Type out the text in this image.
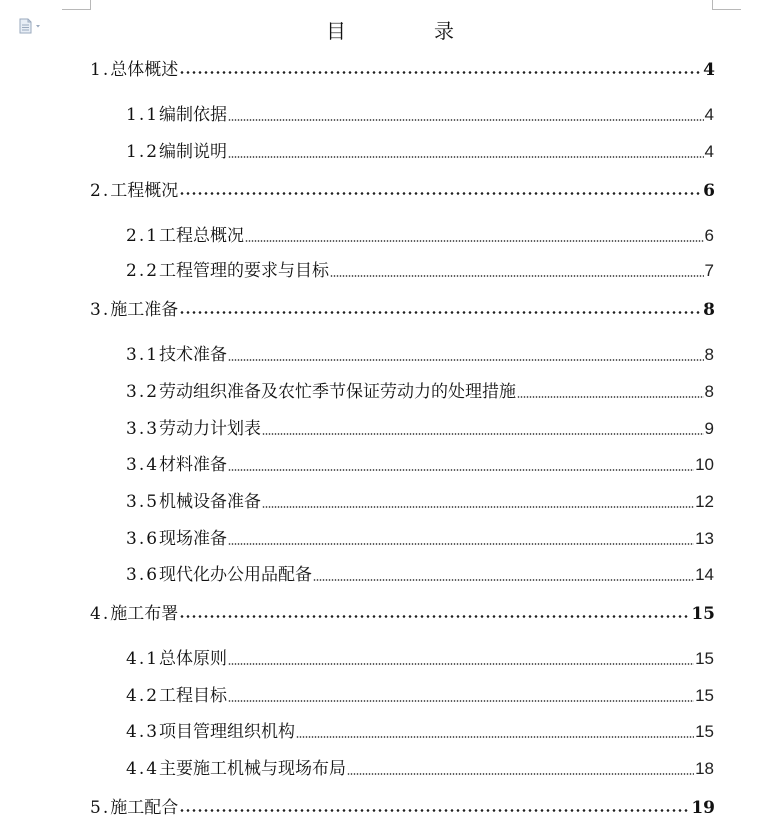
目　录
1. 总体概述	4
1.1 编制依据	4
1.2 编制说明	4
2. 工程概况	6
2.1 工程总概况	6
2.2 工程管理的要求与目标	7
3. 施工准备	8
3.1 技术准备	8
3.2 劳动组织准备及农忙季节保证劳动力的处理措施	8
3.3 劳动力计划表	9
3.4 材料准备	10
3.5 机械设备准备	12
3.6 现场准备	13
3.6 现代化办公用品配备	14
4. 施工布署	15
4.1 总体原则	15
4.2 工程目标	15
4.3 项目管理组织机构	15
4.4 主要施工机械与现场布局	18
5. 施工配合	19
